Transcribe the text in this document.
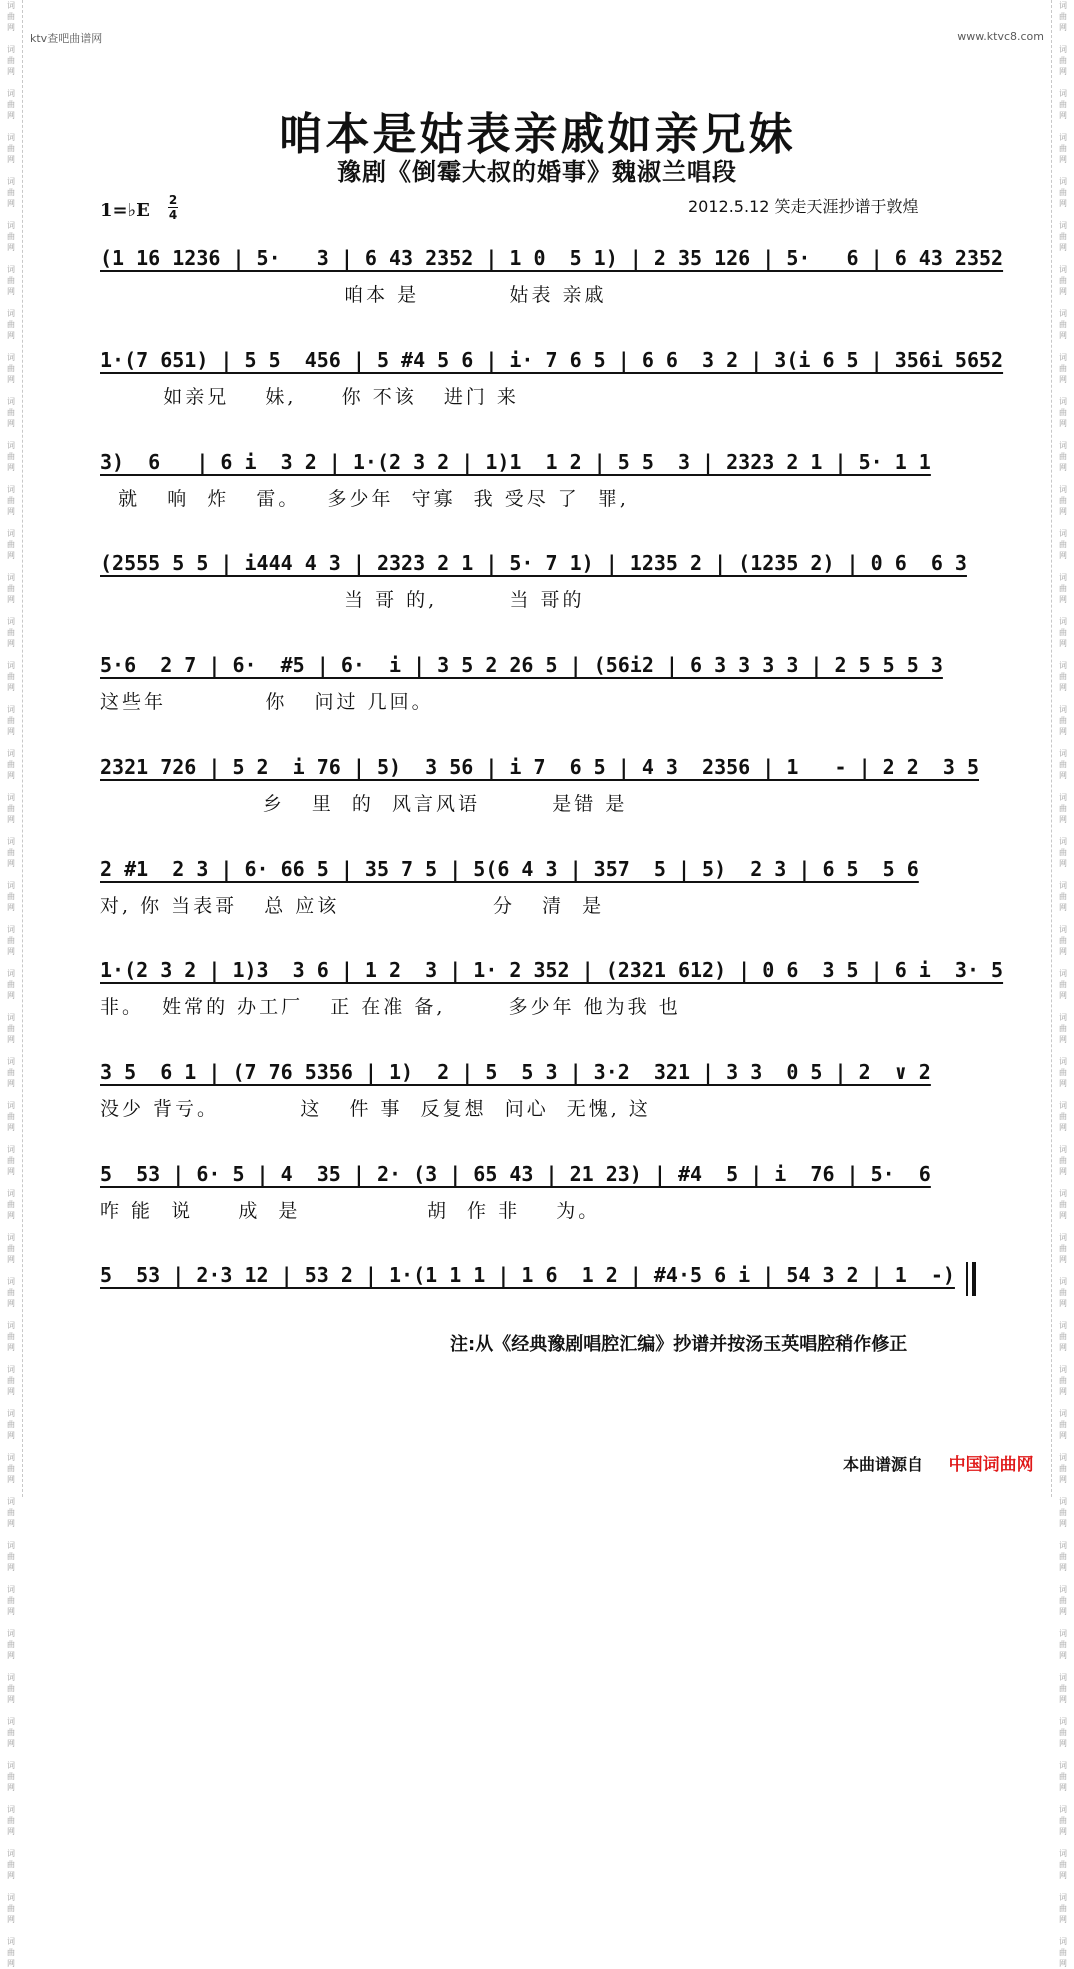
词
曲
网

词
曲
网

词
曲
网

词
曲
网

词
曲
网

词
曲
网

词
曲
网

词
曲
网

词
曲
网

词
曲
网

词
曲
网

词
曲
网

词
曲
网

词
曲
网

词
曲
网

词
曲
网

词
曲
网

词
曲
网

词
曲
网

词
曲
网

词
曲
网

词
曲
网

词
曲
网

词
曲
网

词
曲
网

词
曲
网

词
曲
网

词
曲
网

词
曲
网

词
曲
网

词
曲
网

词
曲
网

词
曲
网

词
曲
网

词
曲
网

词
曲
网

词
曲
网

词
曲
网

词
曲
网

词
曲
网

词
曲
网

词
曲
网

词
曲
网

词
曲
网

词
曲
网

词
曲
网

词
曲
网

词
曲
网

词
曲
网

词
曲
网

词
曲
网

词
曲
网

词
曲
网

词
曲
网

词
曲
网

词
曲
网

词
曲
网

词
曲
网

词
曲
网

词
曲
网

词
曲
网

词
曲
网

词
曲
网

词
曲
网

词
曲
网

词
曲
网

词
曲
网

词
曲
网

词
曲
网

词
曲
网

词
曲
网

词
曲
网

词
曲
网

词
曲
网

词
曲
网

词
曲
网

词
曲
网

词
曲
网

词
曲
网

词
曲
网

词
曲
网

词
曲
网

词
曲
网

词
曲
网

词
曲
网

词
曲
网

词
曲
网

词
曲
网

词
曲
网

词
曲
网

ktv查吧曲谱网	www.ktvc8.com
咱本是姑表亲戚如亲兄妹
豫剧《倒霉大叔的婚事》魏淑兰唱段
1=♭E 2
4	2012.5.12 笑走天涯抄谱于敦煌
(1 16 1236 | 5·   3 | 6 43 2352 | 1 0  5 1) | 2 35 126 | 5·   6 | 6 43 2352
咱本 是          姑表 亲戚
1·(7 651) | 5 5  456 | 5 #4 5 6 | i· 7 6 5 | 6 6  3 2 | 3(i 6 5 | 356i 5652
如亲兄    妹,     你 不该   进门 来
3)  6   | 6 i  3 2 | 1·(2 3 2 | 1)1  1 2 | 5 5  3 | 2323 2 1 | 5· 1 1
就   响  炸   雷。   多少年  守寡  我 受尽 了  罪,
(2555 5 5 | i444 4 3 | 2323 2 1 | 5· 7 1) | 1235 2 | (1235 2) | 0 6  6 3
当 哥 的,        当 哥的
5·6  2 7 | 6·  #5 | 6·  i | 3 5 2 26 5 | (56i2 | 6 3 3 3 3 | 2 5 5 5 3
这些年           你   问过 几回。
2321 726 | 5 2  i 76 | 5)  3 56 | i 7  6 5 | 4 3  2356 | 1   - | 2 2  3 5
乡   里  的  风言风语        是错 是
2 #1  2 3 | 6· 66 5 | 35 7 5 | 5(6 4 3 | 357  5 | 5)  2 3 | 6 5  5 6
对, 你 当表哥   总 应该                 分   清  是
1·(2 3 2 | 1)3  3 6 | 1 2  3 | 1· 2 352 | (2321 612) | 0 6  3 5 | 6 i  3· 5
非。  姓常的 办工厂   正 在准 备,       多少年 他为我 也
3 5  6 1 | (7 76 5356 | 1)  2 | 5  5 3 | 3·2  321 | 3 3  0 5 | 2  ∨ 2
没少 背亏。         这   件 事  反复想  问心  无愧, 这
5  53 | 6· 5 | 4  35 | 2· (3 | 65 43 | 21 23) | #4  5 | i  76 | 5·  6
咋 能  说     成  是              胡  作 非    为。
5  53 | 2·3 12 | 53 2 | 1·(1 1 1 | 1 6  1 2 | #4·5 6 i | 54 3 2 | 1  -)
注:从《经典豫剧唱腔汇编》抄谱并按汤玉英唱腔稍作修正
本曲谱源自 中国词曲网
